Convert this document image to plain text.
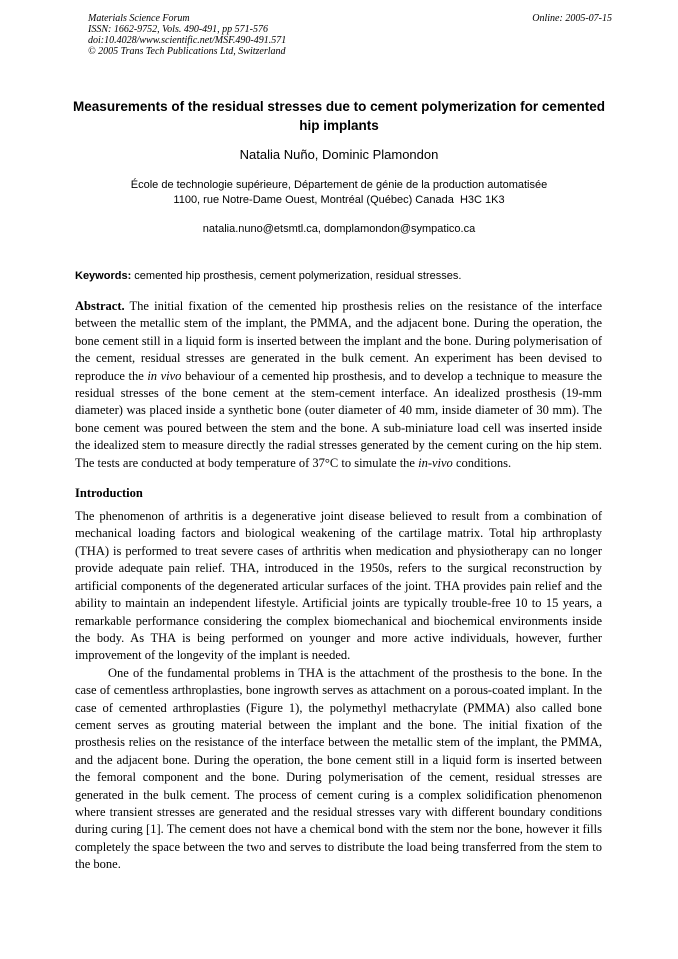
Materials Science Forum
ISSN: 1662-9752, Vols. 490-491, pp 571-576
doi:10.4028/www.scientific.net/MSF.490-491.571
© 2005 Trans Tech Publications Ltd, Switzerland
Online: 2005-07-15
Measurements of the residual stresses due to cement polymerization for cemented hip implants
Natalia Nuño, Dominic Plamondon
École de technologie supérieure, Département de génie de la production automatisée
1100, rue Notre-Dame Ouest, Montréal (Québec) Canada  H3C 1K3
natalia.nuno@etsmtl.ca, domplamondon@sympatico.ca

Keywords: cemented hip prosthesis, cement polymerization, residual stresses.

Abstract. The initial fixation of the cemented hip prosthesis relies on the resistance of the interface between the metallic stem of the implant, the PMMA, and the adjacent bone. During the operation, the bone cement still in a liquid form is inserted between the implant and the bone. During polymerisation of the cement, residual stresses are generated in the bulk cement. An experiment has been devised to reproduce the in vivo behaviour of a cemented hip prosthesis, and to develop a technique to measure the residual stresses of the bone cement at the stem-cement interface. An idealized prosthesis (19-mm diameter) was placed inside a synthetic bone (outer diameter of 40 mm, inside diameter of 30 mm). The bone cement was poured between the stem and the bone. A sub-miniature load cell was inserted inside the idealized stem to measure directly the radial stresses generated by the cement curing on the hip stem. The tests are conducted at body temperature of 37°C to simulate the in-vivo conditions.

Introduction

The phenomenon of arthritis is a degenerative joint disease believed to result from a combination of mechanical loading factors and biological weakening of the cartilage matrix. Total hip arthroplasty (THA) is performed to treat severe cases of arthritis when medication and physiotherapy can no longer provide adequate pain relief. THA, introduced in the 1950s, refers to the surgical reconstruction by artificial components of the degenerated articular surfaces of the joint. THA provides pain relief and the ability to maintain an independent lifestyle. Artificial joints are typically trouble-free 10 to 15 years, a remarkable performance considering the complex biomechanical and biochemical environments inside the body. As THA is being performed on younger and more active individuals, however, further improvement of the longevity of the implant is needed.

One of the fundamental problems in THA is the attachment of the prosthesis to the bone. In the case of cementless arthroplasties, bone ingrowth serves as attachment on a porous-coated implant. In the case of cemented arthroplasties (Figure 1), the polymethyl methacrylate (PMMA) also called bone cement serves as grouting material between the implant and the bone. The initial fixation of the prosthesis relies on the resistance of the interface between the metallic stem of the implant, the PMMA, and the adjacent bone. During the operation, the bone cement still in a liquid form is inserted between the femoral component and the bone. During polymerisation of the cement, residual stresses are generated in the bulk cement. The process of cement curing is a complex solidification phenomenon where transient stresses are generated and the residual stresses vary with different boundary conditions during curing [1]. The cement does not have a chemical bond with the stem nor the bone, however it fills completely the space between the two and serves to distribute the load being transferred from the stem to the bone.
